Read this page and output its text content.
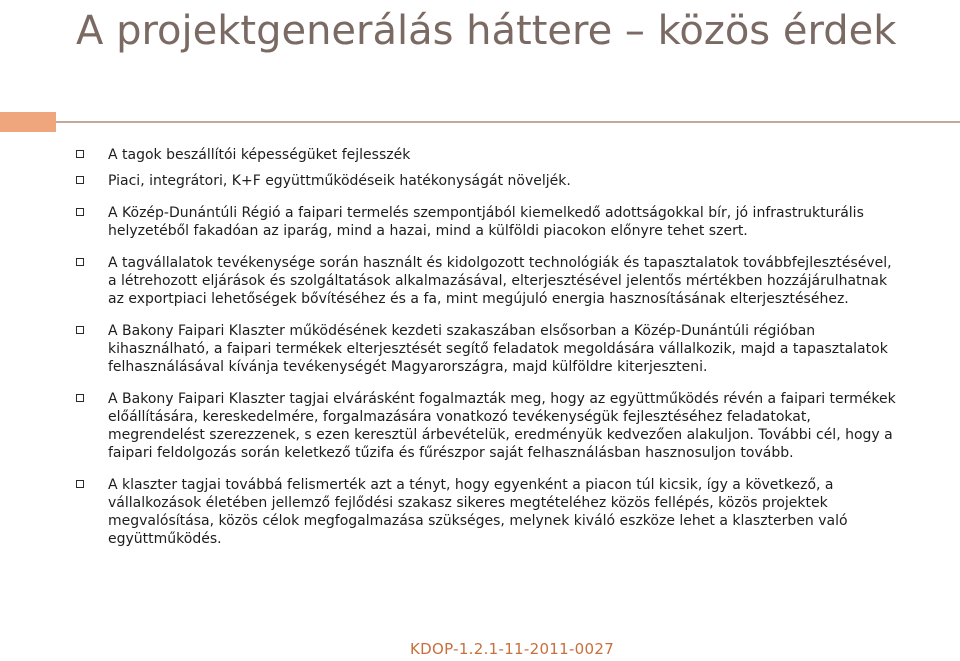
A projektgenerálás háttere – közös érdek
A tagok beszállítói képességüket fejlesszék
Piaci, integrátori, K+F együttműködéseik hatékonyságát növeljék.
A Közép-Dunántúli Régió a faipari termelés szempontjából kiemelkedő adottságokkal bír, jó infrastrukturális helyzetéből fakadóan az iparág, mind a hazai, mind a külföldi piacokon előnyre tehet szert.
A tagvállalatok tevékenysége során használt és kidolgozott technológiák és tapasztalatok továbbfejlesztésével, a létrehozott eljárások és szolgáltatások alkalmazásával, elterjesztésével jelentős mértékben hozzájárulhatnak az exportpiaci lehetőségek bővítéséhez és a fa, mint megújuló energia hasznosításának elterjesztéséhez.
A Bakony Faipari Klaszter működésének kezdeti szakaszában elsősorban a Közép-Dunántúli régióban kihasználható, a faipari termékek elterjesztését segítő feladatok megoldására vállalkozik, majd a tapasztalatok felhasználásával kívánja tevékenységét Magyarországra, majd külföldre kiterjeszteni.
A Bakony Faipari Klaszter tagjai elvárásként fogalmazták meg, hogy az együttműködés révén a faipari termékek előállítására, kereskedelmére, forgalmazására vonatkozó tevékenységük fejlesztéséhez feladatokat, megrendelést szerezzenek, s ezen keresztül árbevételük, eredményük kedvezően alakuljon. További cél, hogy a faipari feldolgozás során keletkező tűzifa és fűrészpor saját felhasználásban hasznosuljon tovább.
A klaszter tagjai továbbá felismerték azt a tényt, hogy egyenként a piacon túl kicsik, így a következő, a vállalkozások életében jellemző fejlődési szakasz sikeres megtételéhez közös fellépés, közös projektek megvalósítása, közös célok megfogalmazása szükséges, melynek kiváló eszköze lehet a klaszterben való együttműködés.
KDOP-1.2.1-11-2011-0027
